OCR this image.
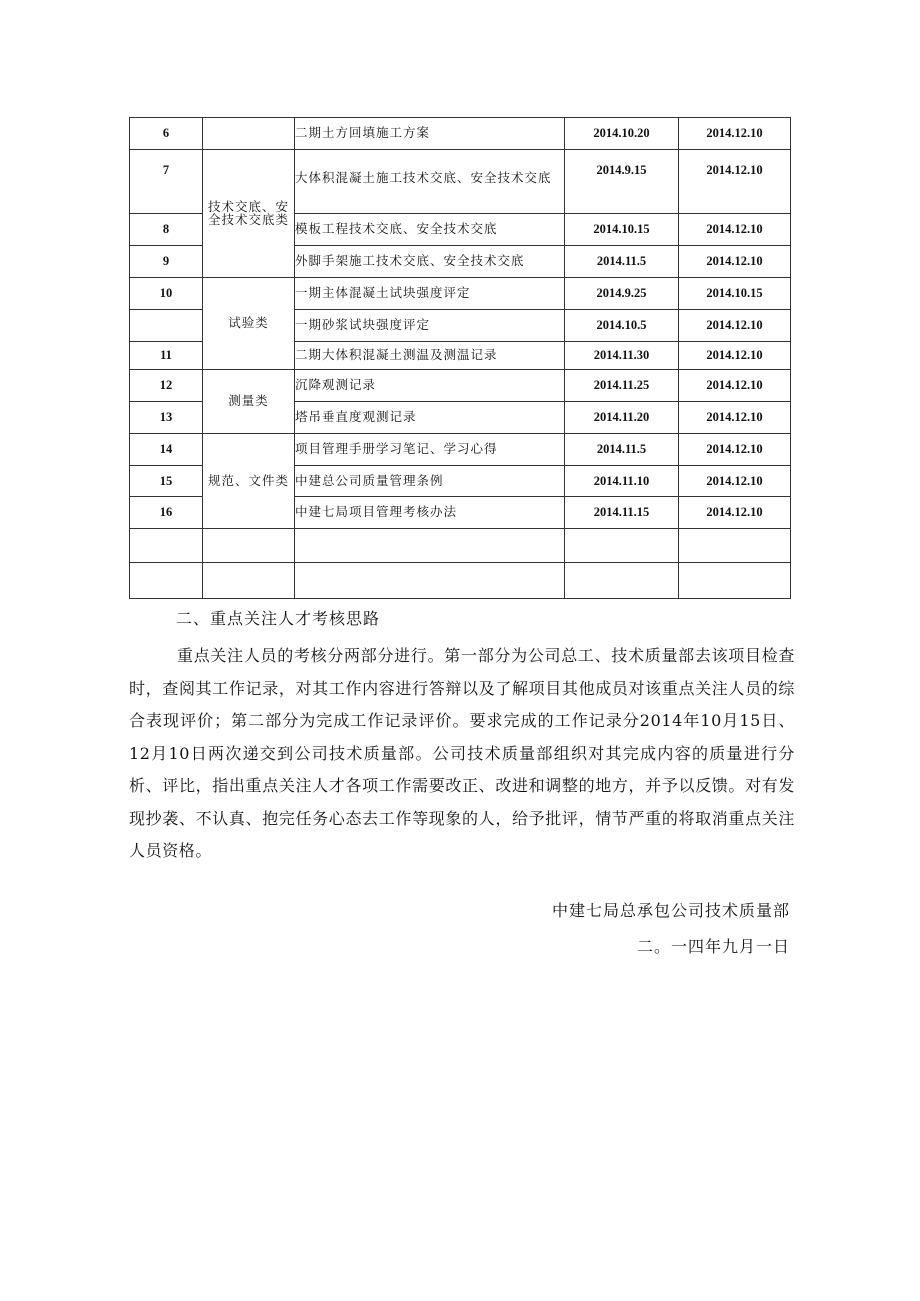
6		二期土方回填施工方案	2014.10.20	2014.12.10
7	技术交底、安全技术交底类	大体积混凝土施工技术交底、安全技术交底	2014.9.15	2014.12.10
8		模板工程技术交底、安全技术交底	2014.10.15	2014.12.10
9		外脚手架施工技术交底、安全技术交底	2014.11.5	2014.12.10
10	试验类	一期主体混凝土试块强度评定	2014.9.25	2014.10.15
		一期砂浆试块强度评定	2014.10.5	2014.12.10
11		二期大体积混凝土测温及测温记录	2014.11.30	2014.12.10
12	测量类	沉降观测记录	2014.11.25	2014.12.10
13		塔吊垂直度观测记录	2014.11.20	2014.12.10
14	规范、文件类	项目管理手册学习笔记、学习心得	2014.11.5	2014.12.10
15		中建总公司质量管理条例	2014.11.10	2014.12.10
16		中建七局项目管理考核办法	2014.11.15	2014.12.10

二、重点关注人才考核思路
重点关注人员的考核分两部分进行。第一部分为公司总工、技术质量部去该项目检查时，查阅其工作记录，对其工作内容进行答辩以及了解项目其他成员对该重点关注人员的综合表现评价；第二部分为完成工作记录评价。要求完成的工作记录分2014年10月15日、12月10日两次递交到公司技术质量部。公司技术质量部组织对其完成内容的质量进行分析、评比，指出重点关注人才各项工作需要改正、改进和调整的地方，并予以反馈。对有发现抄袭、不认真、抱完任务心态去工作等现象的人，给予批评，情节严重的将取消重点关注人员资格。
中建七局总承包公司技术质量部
二。一四年九月一日
